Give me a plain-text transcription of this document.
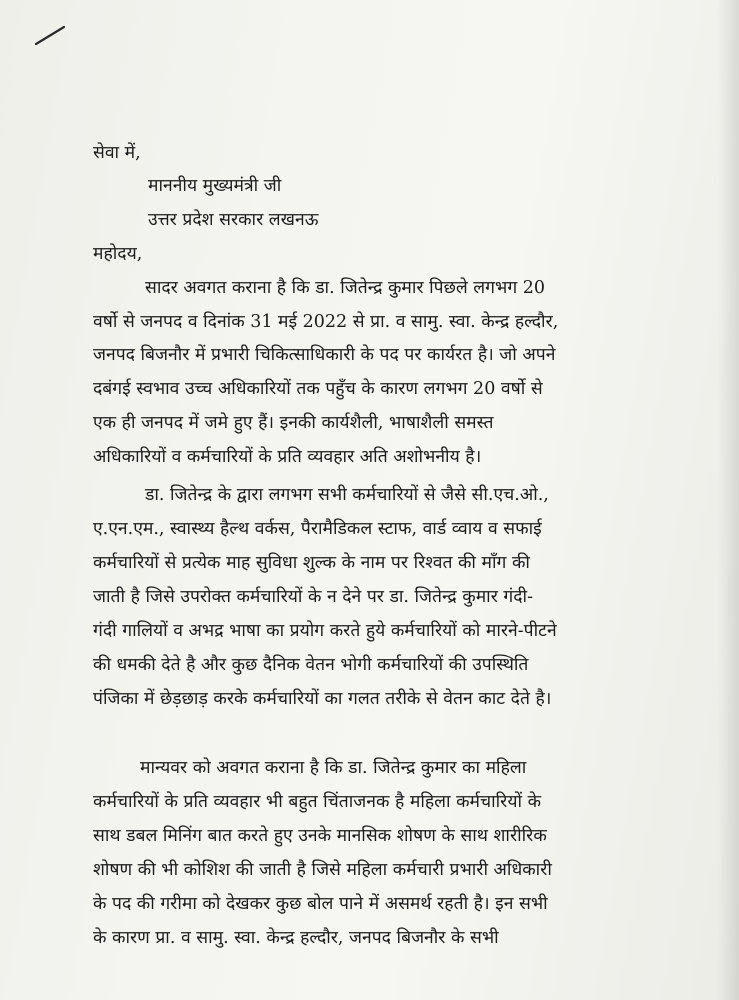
सेवा में,
माननीय मुख्यमंत्री जी
उत्तर प्रदेश सरकार लखनऊ
महोदय,
सादर अवगत कराना है कि डा. जितेन्द्र कुमार पिछले लगभग 20
वर्षो से जनपद व दिनांक 31 मई 2022 से प्रा. व सामु. स्वा. केन्द्र हल्दौर,
जनपद बिजनौर में प्रभारी चिकित्साधिकारी के पद पर कार्यरत है। जो अपने
दबंगई स्वभाव उच्च अधिकारियों तक पहुँच के कारण लगभग 20 वर्षो से
एक ही जनपद में जमे हुए हैं। इनकी कार्यशैली, भाषाशैली समस्त
अधिकारियों व कर्मचारियों के प्रति व्यवहार अति अशोभनीय है।
डा. जितेन्द्र के द्वारा लगभग सभी कर्मचारियों से जैसे सी.एच.ओ.,
ए.एन.एम., स्वास्थ्य हैल्थ वर्कस, पैरामैडिकल स्टाफ, वार्ड व्वाय व सफाई
कर्मचारियों से प्रत्येक माह सुविधा शुल्क के नाम पर रिश्वत की माँग की
जाती है जिसे उपरोक्त कर्मचारियों के न देने पर डा. जितेन्द्र कुमार गंदी-
गंदी गालियों व अभद्र भाषा का प्रयोग करते हुये कर्मचारियों को मारने-पीटने
की धमकी देते है और कुछ दैनिक वेतन भोगी कर्मचारियों की उपस्थिति
पंजिका में छेड़छाड़ करके कर्मचारियों का गलत तरीके से वेतन काट देते है।
मान्यवर को अवगत कराना है कि डा. जितेन्द्र कुमार का महिला
कर्मचारियों के प्रति व्यवहार भी बहुत चिंताजनक है महिला कर्मचारियों के
साथ डबल मिनिंग बात करते हुए उनके मानसिक शोषण के साथ शारीरिक
शोषण की भी कोशिश की जाती है जिसे महिला कर्मचारी प्रभारी अधिकारी
के पद की गरीमा को देखकर कुछ बोल पाने में असमर्थ रहती है। इन सभी
के कारण प्रा. व सामु. स्वा. केन्द्र हल्दौर, जनपद बिजनौर के सभी
